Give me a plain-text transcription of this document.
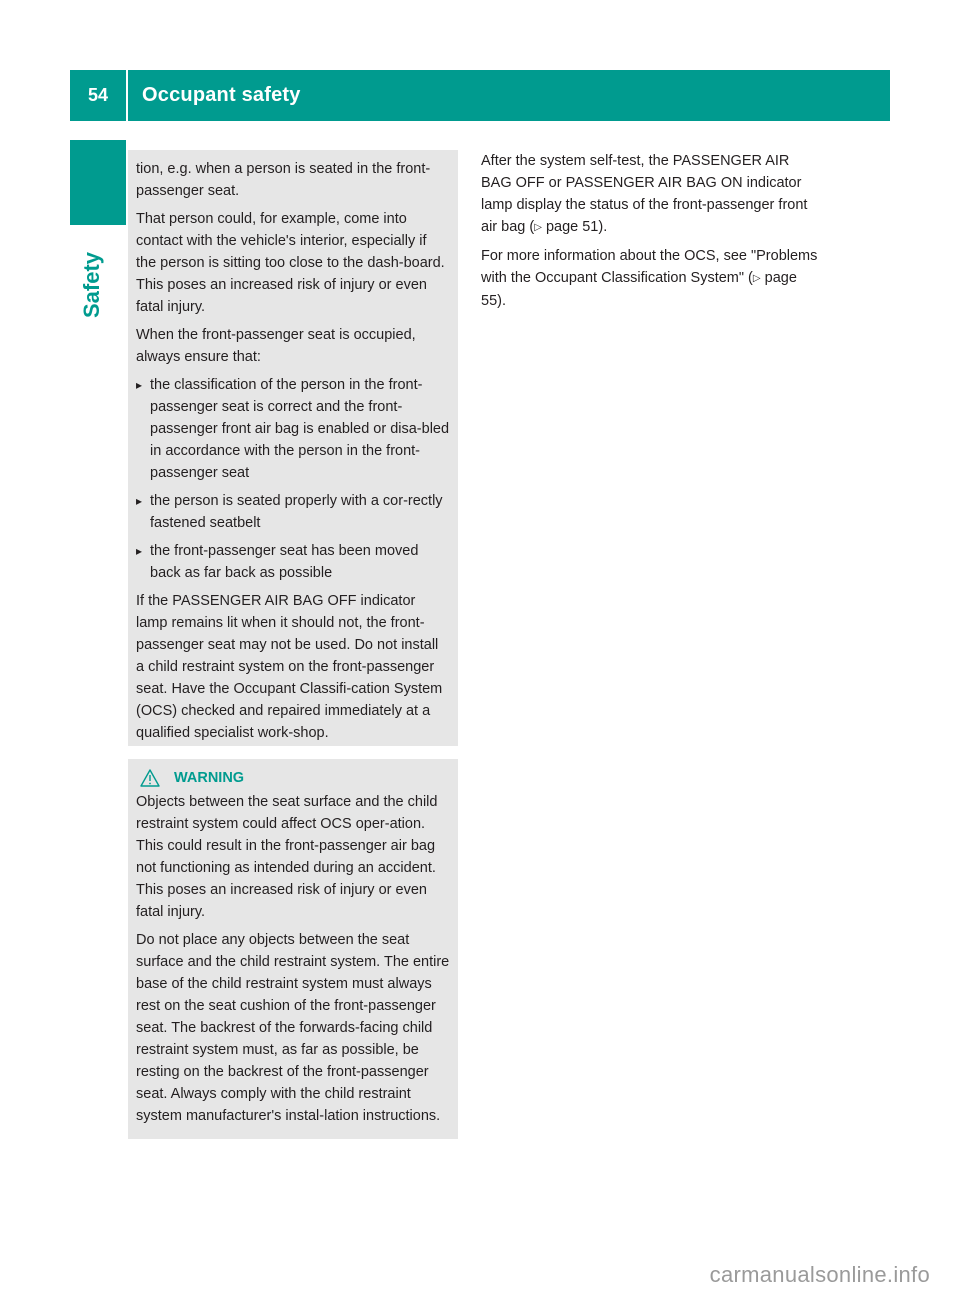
54	Occupant safety
Safety

tion, e.g. when a person is seated in the front-passenger seat.

That person could, for example, come into contact with the vehicle's interior, especially if the person is sitting too close to the dash-board. This poses an increased risk of injury or even fatal injury.

When the front-passenger seat is occupied, always ensure that:

▸ the classification of the person in the front-passenger seat is correct and the front-passenger front air bag is enabled or disa-bled in accordance with the person in the front-passenger seat
▸ the person is seated properly with a cor-rectly fastened seatbelt
▸ the front-passenger seat has been moved back as far back as possible

If the PASSENGER AIR BAG OFF indicator lamp remains lit when it should not, the front-passenger seat may not be used. Do not install a child restraint system on the front-passenger seat. Have the Occupant Classifi-cation System (OCS) checked and repaired immediately at a qualified specialist work-shop.

WARNING

Objects between the seat surface and the child restraint system could affect OCS oper-ation. This could result in the front-passenger air bag not functioning as intended during an accident. This poses an increased risk of injury or even fatal injury.

Do not place any objects between the seat surface and the child restraint system. The entire base of the child restraint system must always rest on the seat cushion of the front-passenger seat. The backrest of the forwards-facing child restraint system must, as far as possible, be resting on the backrest of the front-passenger seat. Always comply with the child restraint system manufacturer's instal-lation instructions.

After the system self-test, the PASSENGER AIR BAG OFF or PASSENGER AIR BAG ON indicator lamp display the status of the front-passenger front air bag (▷ page 51).

For more information about the OCS, see "Problems with the Occupant Classification System" (▷ page 55).

carmanualsonline.info
